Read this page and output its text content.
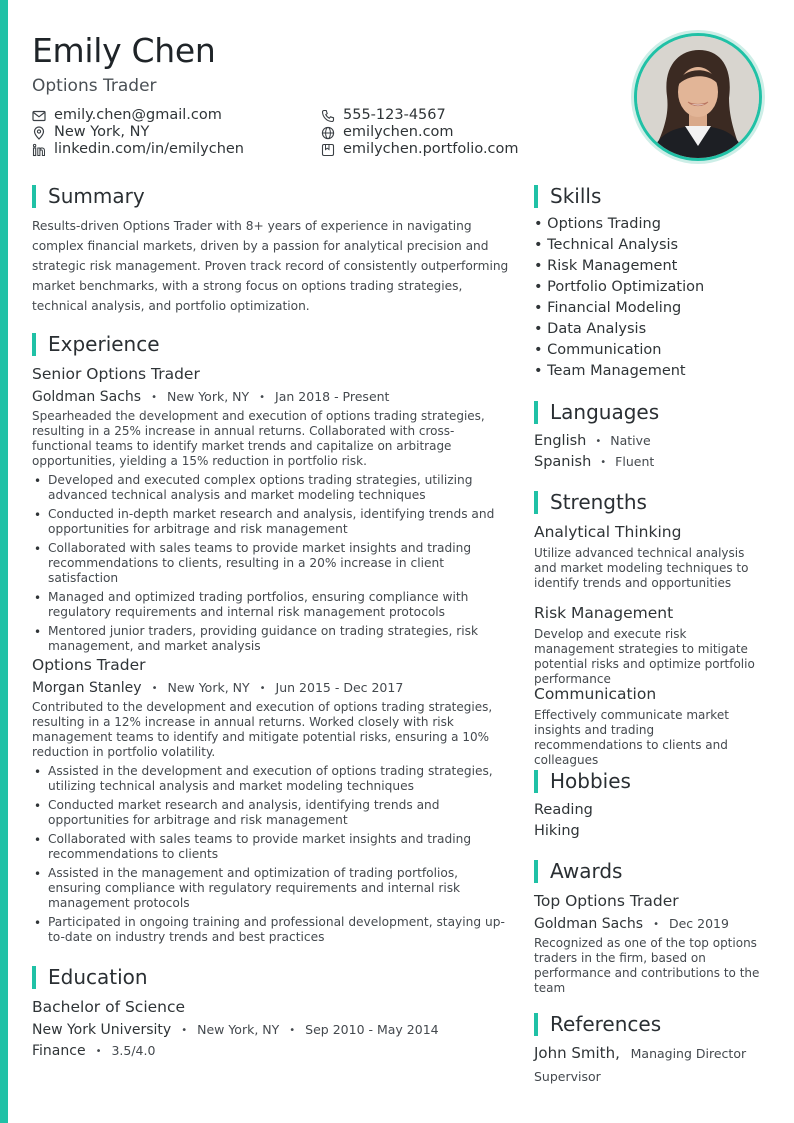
Emily Chen
Options Trader
emily.chen@gmail.com	555-123-4567
New York, NY	emilychen.com
linkedin.com/in/emilychen	emilychen.portfolio.com
Summary

Results-driven Options Trader with 8+ years of experience in navigating complex financial markets, driven by a passion for analytical precision and strategic risk management. Proven track record of consistently outperforming market benchmarks, with a strong focus on options trading strategies, technical analysis, and portfolio optimization.

Experience
Senior Options Trader
Goldman Sachs • New York, NY • Jan 2018 - Present

Spearheaded the development and execution of options trading strategies, resulting in a 25% increase in annual returns. Collaborated with cross-functional teams to identify market trends and capitalize on arbitrage opportunities, yielding a 15% reduction in portfolio risk.

• Developed and executed complex options trading strategies, utilizing advanced technical analysis and market modeling techniques
• Conducted in-depth market research and analysis, identifying trends and opportunities for arbitrage and risk management
• Collaborated with sales teams to provide market insights and trading recommendations to clients, resulting in a 20% increase in client satisfaction
• Managed and optimized trading portfolios, ensuring compliance with regulatory requirements and internal risk management protocols
• Mentored junior traders, providing guidance on trading strategies, risk management, and market analysis
Options Trader
Morgan Stanley • New York, NY • Jun 2015 - Dec 2017

Contributed to the development and execution of options trading strategies, resulting in a 12% increase in annual returns. Worked closely with risk management teams to identify and mitigate potential risks, ensuring a 10% reduction in portfolio volatility.

• Assisted in the development and execution of options trading strategies, utilizing technical analysis and market modeling techniques
• Conducted market research and analysis, identifying trends and opportunities for arbitrage and risk management
• Collaborated with sales teams to provide market insights and trading recommendations to clients
• Assisted in the management and optimization of trading portfolios, ensuring compliance with regulatory requirements and internal risk management protocols
• Participated in ongoing training and professional development, staying up-to-date on industry trends and best practices
Education
Bachelor of Science
New York University • New York, NY • Sep 2010 - May 2014
Finance • 3.5/4.0
Skills
• Options Trading
• Technical Analysis
• Risk Management
• Portfolio Optimization
• Financial Modeling
• Data Analysis
• Communication
• Team Management
Languages
English • Native
Spanish • Fluent
Strengths
Analytical Thinking

Utilize advanced technical analysis and market modeling techniques to identify trends and opportunities

Risk Management

Develop and execute risk management strategies to mitigate potential risks and optimize portfolio performance

Communication

Effectively communicate market insights and trading recommendations to clients and colleagues

Hobbies
Reading
Hiking
Awards
Top Options Trader
Goldman Sachs • Dec 2019

Recognized as one of the top options traders in the firm, based on performance and contributions to the team

References
John Smith, Managing Director
Supervisor
